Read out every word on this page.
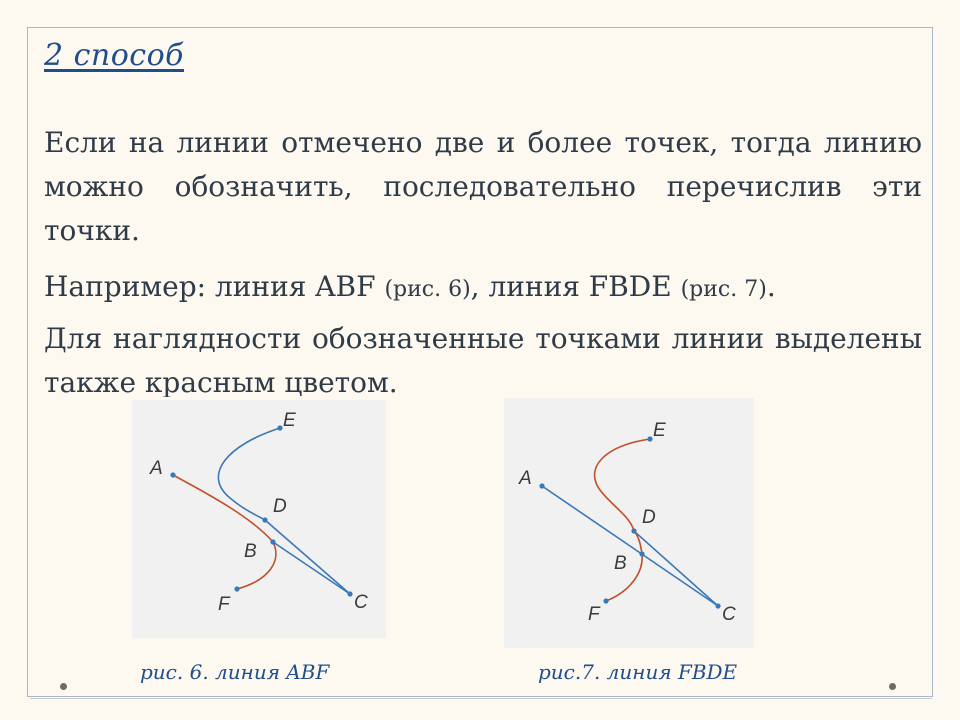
2 способ
Если на линии отмечено две и более точек, тогда линию можно обозначить, последовательно перечислив эти точки.
Например: линия ABF (рис. 6), линия FBDE (рис. 7).
Для наглядности обозначенные точками линии выделены также красным цветом.
E
A
D
B
C
F
E
A
D
B
C
F
рис. 6. линия ABF	рис.7. линия FBDE
